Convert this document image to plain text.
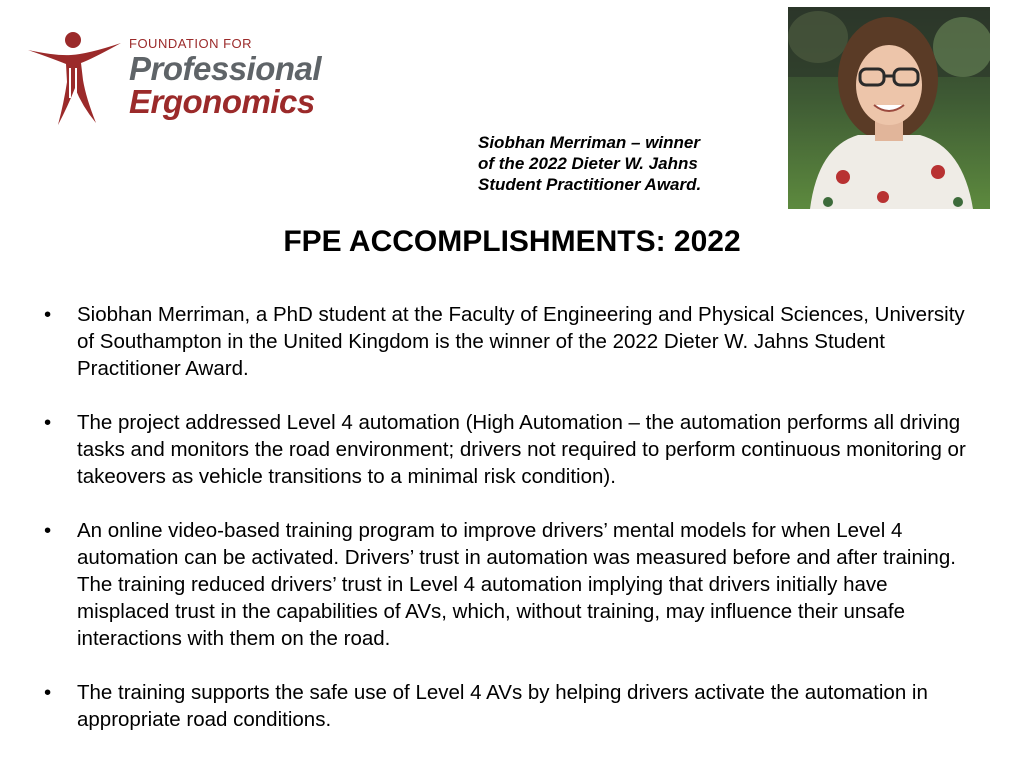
FOUNDATION FOR
Professional
Ergonomics

Siobhan Merriman – winner
of the 2022 Dieter W. Jahns
Student Practitioner Award.

FPE ACCOMPLISHMENTS: 2022
• Siobhan Merriman, a PhD student at the Faculty of Engineering and Physical Sciences, University of Southampton in the United Kingdom is the winner of the 2022 Dieter W. Jahns Student Practitioner Award.
• The project addressed Level 4 automation (High Automation – the automation performs all driving tasks and monitors the road environment; drivers not required to perform continuous monitoring or takeovers as vehicle transitions to a minimal risk condition).
• An online video-based training program to improve drivers’ mental models for when Level 4 automation can be activated. Drivers’ trust in automation was measured before and after training. The training reduced drivers’ trust in Level 4 automation implying that drivers initially have misplaced trust in the capabilities of AVs, which, without training, may influence their unsafe interactions with them on the road.
• The training supports the safe use of Level 4 AVs by helping drivers activate the automation in appropriate road conditions.
